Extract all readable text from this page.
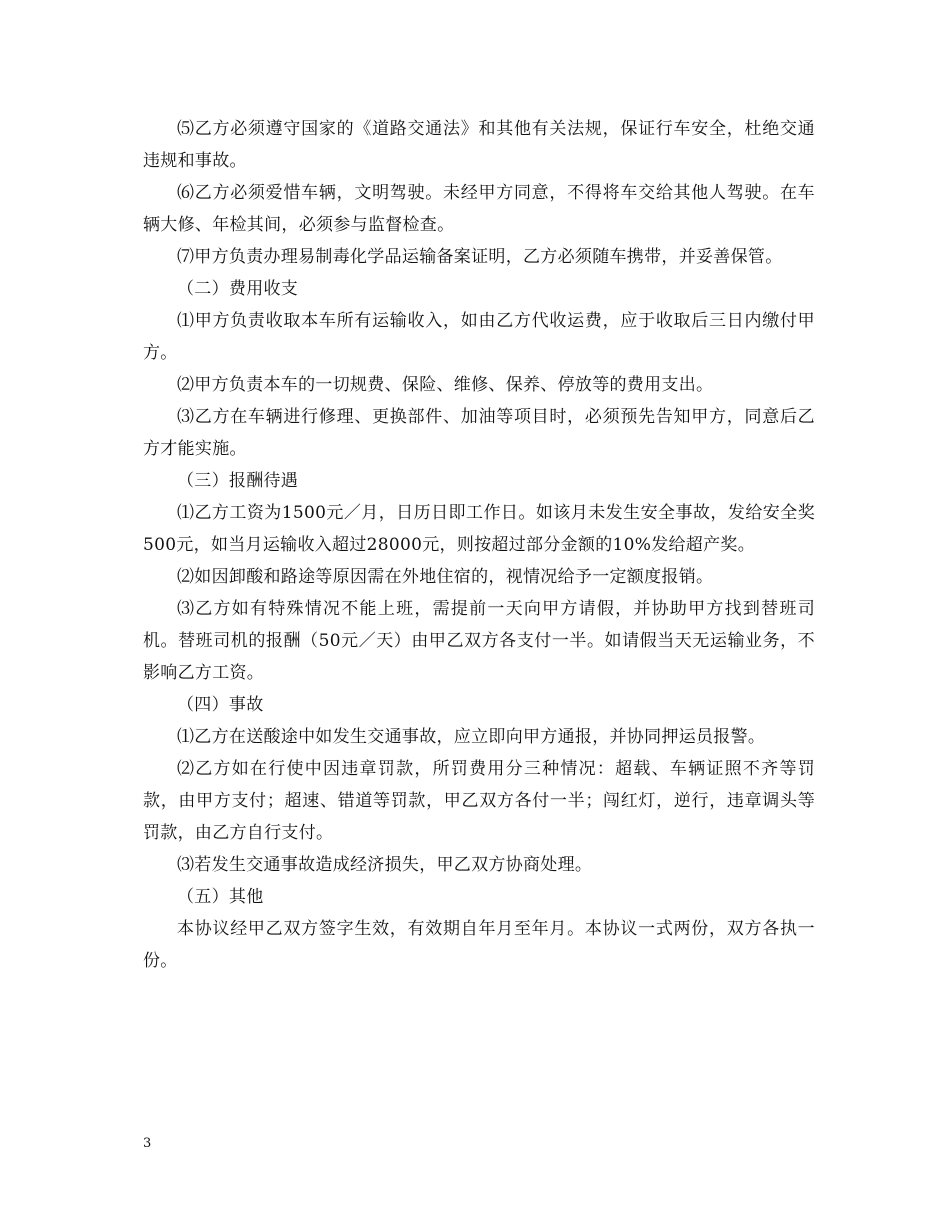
⑸乙方必须遵守国家的《道路交通法》和其他有关法规，保证行车安全，杜绝交通违规和事故。

⑹乙方必须爱惜车辆，文明驾驶。未经甲方同意，不得将车交给其他人驾驶。在车辆大修、年检其间，必须参与监督检查。

⑺甲方负责办理易制毒化学品运输备案证明，乙方必须随车携带，并妥善保管。

（二）费用收支

⑴甲方负责收取本车所有运输收入，如由乙方代收运费，应于收取后三日内缴付甲方。

⑵甲方负责本车的一切规费、保险、维修、保养、停放等的费用支出。

⑶乙方在车辆进行修理、更换部件、加油等项目时，必须预先告知甲方，同意后乙方才能实施。

（三）报酬待遇

⑴乙方工资为1500元／月，日历日即工作日。如该月未发生安全事故，发给安全奖500元，如当月运输收入超过28000元，则按超过部分金额的10%发给超产奖。

⑵如因卸酸和路途等原因需在外地住宿的，视情况给予一定额度报销。

⑶乙方如有特殊情况不能上班，需提前一天向甲方请假，并协助甲方找到替班司机。替班司机的报酬（50元／天）由甲乙双方各支付一半。如请假当天无运输业务，不影响乙方工资。

（四）事故

⑴乙方在送酸途中如发生交通事故，应立即向甲方通报，并协同押运员报警。

⑵乙方如在行使中因违章罚款，所罚费用分三种情况：超载、车辆证照不齐等罚款，由甲方支付；超速、错道等罚款，甲乙双方各付一半；闯红灯，逆行，违章调头等罚款，由乙方自行支付。

⑶若发生交通事故造成经济损失，甲乙双方协商处理。

（五）其他

本协议经甲乙双方签字生效，有效期自年月至年月。本协议一式两份，双方各执一份。

3
